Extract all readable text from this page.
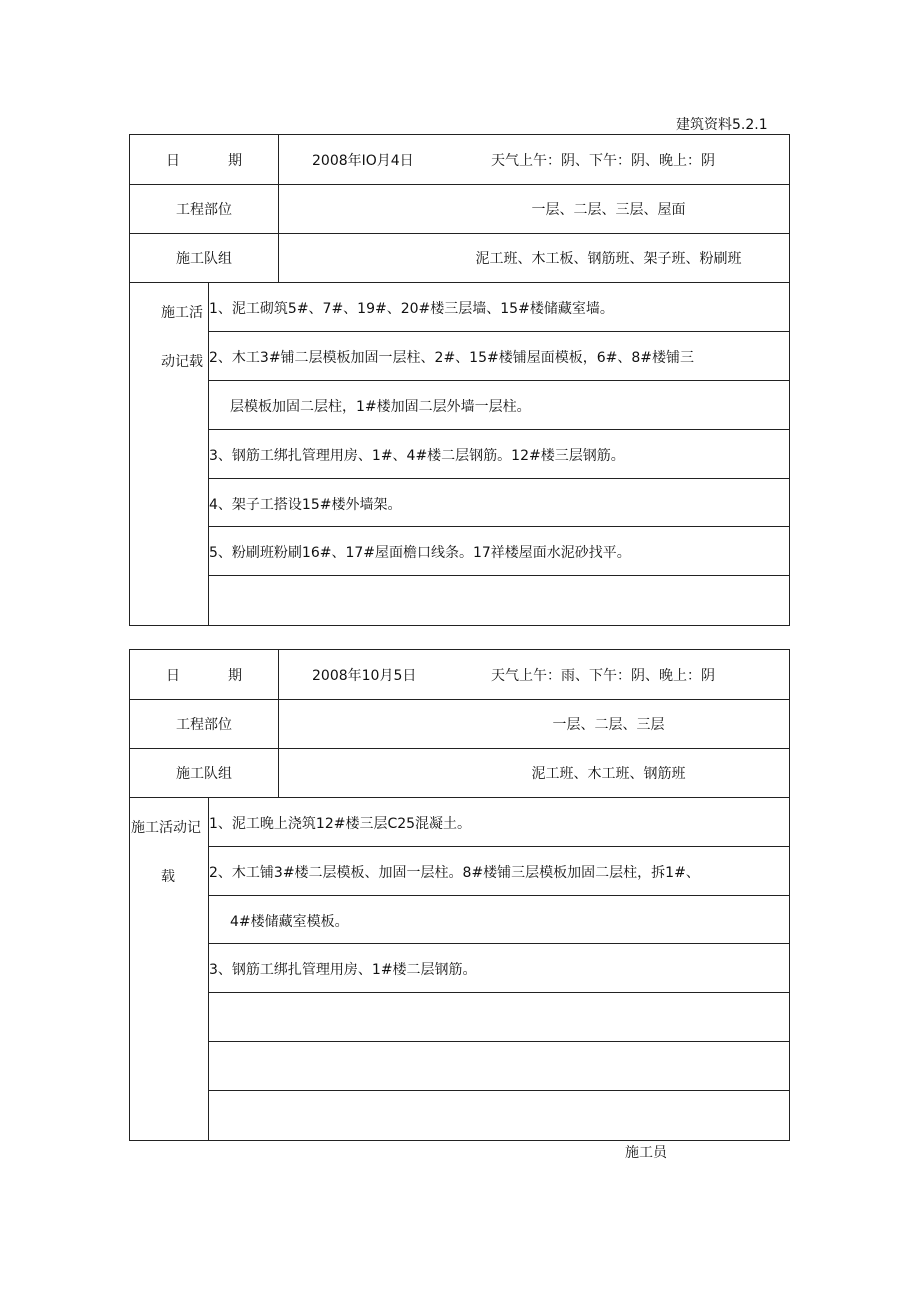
建筑资料5.2.1
日	期	2008年IO月4日	天气上午：阴、下午：阴、晚上：阴
工程部位	一层、二层、三层、屋面
施工队组	泥工班、木工板、钢筋班、架子班、粉刷班
施工活
动记载
1、泥工砌筑5#、7#、19#、20#楼三层墙、15#楼储藏室墙。
2、木工3#铺二层模板加固一层柱、2#、15#楼铺屋面模板，6#、8#楼铺三
层模板加固二层柱，1#楼加固二层外墙一层柱。
3、钢筋工绑扎管理用房、1#、4#楼二层钢筋。12#楼三层钢筋。
4、架子工搭设15#楼外墙架。
5、粉刷班粉刷16#、17#屋面檐口线条。17祥楼屋面水泥砂找平。
日	期	2008年10月5日	天气上午：雨、下午：阴、晚上：阴
工程部位	一层、二层、三层
施工队组	泥工班、木工班、钢筋班
施工活动记
载
1、泥工晚上浇筑12#楼三层C25混凝土。
2、木工铺3#楼二层模板、加固一层柱。8#楼铺三层模板加固二层柱，拆1#、
4#楼储藏室模板。
3、钢筋工绑扎管理用房、1#楼二层钢筋。
施工员
